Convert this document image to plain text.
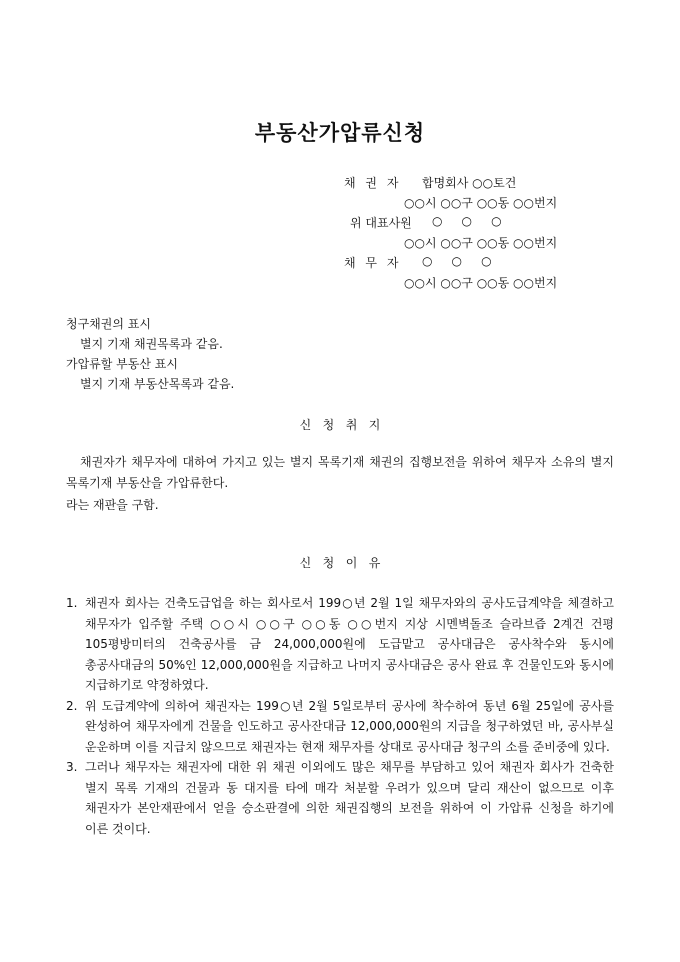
부동산가압류신청
채 권 자 합명회사 ○○토건
○○시 ○○구 ○○동 ○○번지
위 대표사원 ○     ○     ○
○○시 ○○구 ○○동 ○○번지
채 무 자 ○     ○     ○
○○시 ○○구 ○○동 ○○번지
청구채권의 표시
별지 기재 채권목록과 같음.
가압류할 부동산 표시
별지 기재 부동산목록과 같음.
신   청   취   지
채권자가 채무자에 대하여 가지고 있는 별지 목록기재 채권의 집행보전을 위하여 채무자 소유의 별지 목록기재 부동산을 가압류한다.
라는 재판을 구함.
신   청   이   유
1. 채권자 회사는 건축도급업을 하는 회사로서 199○년 2월 1일 채무자와의 공사도급계약을 체결하고 채무자가 입주할 주택 ○○시 ○○구 ○○동 ○○번지 지상 시멘벽돌조 슬라브즙 2계건 건평 105평방미터의 건축공사를 금 24,000,000원에 도급맡고 공사대금은 공사착수와 동시에 총공사대금의 50%인 12,000,000원을 지급하고 나머지 공사대금은 공사 완료 후 건물인도와 동시에 지급하기로 약정하였다.
2. 위 도급계약에 의하여 채권자는 199○년 2월 5일로부터 공사에 착수하여 동년 6월 25일에 공사를 완성하여 채무자에게 건물을 인도하고 공사잔대금 12,000,000원의 지급을 청구하였던 바, 공사부실 운운하며 이를 지급치 않으므로 채권자는 현재 채무자를 상대로 공사대금 청구의 소를 준비중에 있다.
3. 그러나 채무자는 채권자에 대한 위 채권 이외에도 많은 채무를 부담하고 있어 채권자 회사가 건축한 별지 목록 기재의 건물과 동 대지를 타에 매각 처분할 우려가 있으며 달리 재산이 없으므로 이후 채권자가 본안재판에서 얻을 승소판결에 의한 채권집행의 보전을 위하여 이 가압류 신청을 하기에 이른 것이다.
